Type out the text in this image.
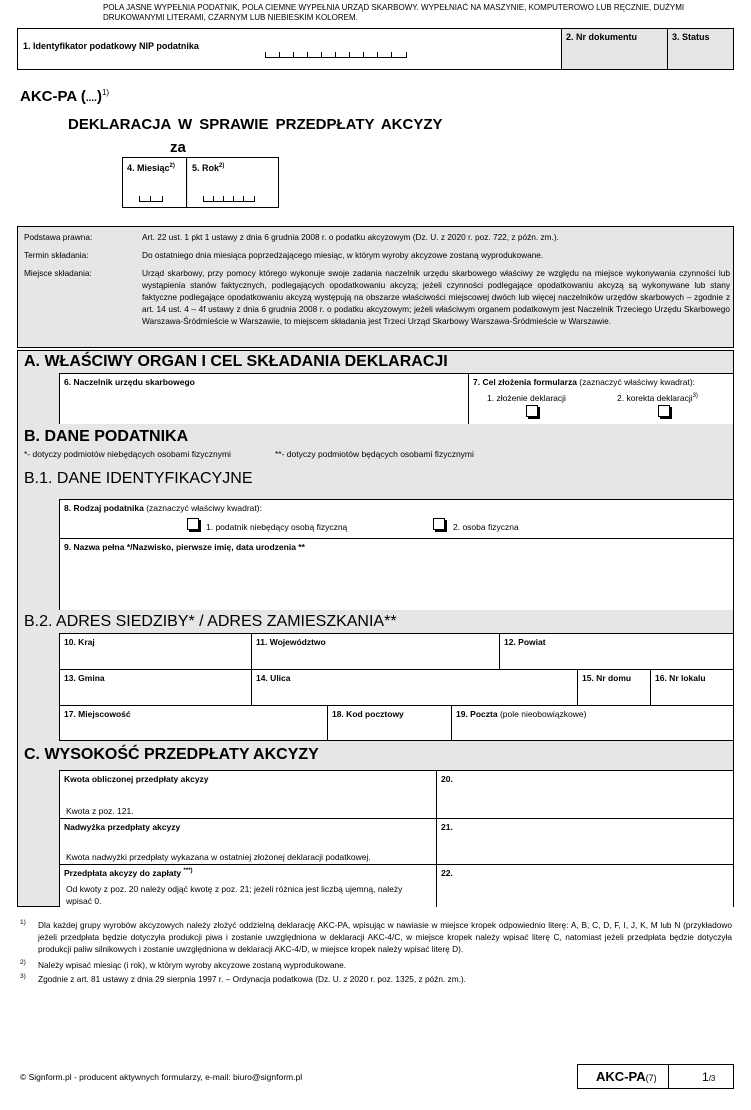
POLA JASNE WYPEŁNIA PODATNIK, POLA CIEMNE WYPEŁNIA URZĄD SKARBOWY. WYPEŁNIAĆ NA MASZYNIE, KOMPUTEROWO LUB RĘCZNIE, DUŻYMI DRUKOWANYMI LITERAMI, CZARNYM LUB NIEBIESKIM KOLOREM.
1. Identyfikator podatkowy NIP podatnika
2. Nr dokumentu	3. Status
AKC-PA (....)$^{1)}$
DEKLARACJA W SPRAWIE PRZEDPŁATY AKCYZY
za
4. Miesiąc$^{2)}$ 5. Rok$^{2)}$
Podstawa prawna:	Art. 22 ust. 1 pkt 1 ustawy z dnia 6 grudnia 2008 r. o podatku akcyzowym (Dz. U. z 2020 r. poz. 722, z późn. zm.).
Termin składania:	Do ostatniego dnia miesiąca poprzedzającego miesiąc, w którym wyroby akcyzowe zostaną wyprodukowane.
Miejsce składania:	Urząd skarbowy, przy pomocy którego wykonuje swoje zadania naczelnik urzędu skarbowego właściwy ze względu na miejsce wykonywania czynności lub wystąpienia stanów faktycznych, podlegających opodatkowaniu akcyzą; jeżeli czynności podlegające opodatkowaniu akcyzą są wykonywane lub stany faktyczne podlegające opodatkowaniu akcyzą występują na obszarze właściwości miejscowej dwóch lub więcej naczelników urzędów skarbowych – zgodnie z art. 14 ust. 4 – 4f ustawy z dnia 6 grudnia 2008 r. o podatku akcyzowym; jeżeli właściwym organem podatkowym jest Naczelnik Trzeciego Urzędu Skarbowego Warszawa-Śródmieście w Warszawie, to miejscem składania jest Trzeci Urząd Skarbowy Warszawa-Śródmieście w Warszawie.
A. WŁAŚCIWY ORGAN I CEL SKŁADANIA DEKLARACJI
6. Naczelnik urzędu skarbowego	7. Cel złożenia formularza (zaznaczyć właściwy kwadrat):
1. złożenie deklaracji	2. korekta deklaracji$^{3)}$
B. DANE PODATNIKA
*- dotyczy podmiotów niebędących osobami fizycznymi	**- dotyczy podmiotów będących osobami fizycznymi
B.1. DANE IDENTYFIKACYJNE
8. Rodzaj podatnika (zaznaczyć właściwy kwadrat):
1. podatnik niebędący osobą fizyczną	2. osoba fizyczna
9. Nazwa pełna */Nazwisko, pierwsze imię, data urodzenia **
B.2. ADRES SIEDZIBY* / ADRES ZAMIESZKANIA**
10. Kraj	11. Województwo	12. Powiat
13. Gmina	14. Ulica	15. Nr domu	16. Nr lokalu
17. Miejscowość	18. Kod pocztowy	19. Poczta (pole nieobowiązkowe)
C. WYSOKOŚĆ PRZEDPŁATY AKCYZY
Kwota obliczonej przedpłaty akcyzy
Kwota z poz. 121.
20.
Nadwyżka przedpłaty akcyzy
Kwota nadwyżki przedpłaty wykazana w ostatniej złożonej deklaracji podatkowej.
21.
Przedpłata akcyzy do zapłaty ***)
Od kwoty z poz. 20 należy odjąć kwotę z poz. 21; jeżeli różnica jest liczbą ujemną, należy wpisać 0.
22.
1) Dla każdej grupy wyrobów akcyzowych należy złożyć oddzielną deklarację AKC-PA, wpisując w nawiasie w miejsce kropek odpowiednio literę: A, B, C, D, F, I, J, K, M lub N (przykładowo jeżeli przedpłata będzie dotyczyła produkcji piwa i zostanie uwzględniona w deklaracji AKC-4/C, w miejsce kropek należy wpisać literę C, natomiast jeżeli przedpłata będzie dotyczyła produkcji paliw silnikowych i zostanie uwzględniona w deklaracji AKC-4/D, w miejsce kropek należy wpisać literę D).
2) Należy wpisać miesiąc (i rok), w którym wyroby akcyzowe zostaną wyprodukowane.
3) Zgodnie z art. 81 ustawy z dnia 29 sierpnia 1997 r. – Ordynacja podatkowa (Dz. U. z 2020 r. poz. 1325, z późn. zm.).
© Signform.pl - producent aktywnych formularzy, e-mail: biuro@signform.pl	AKC-PA(7)	1/3
